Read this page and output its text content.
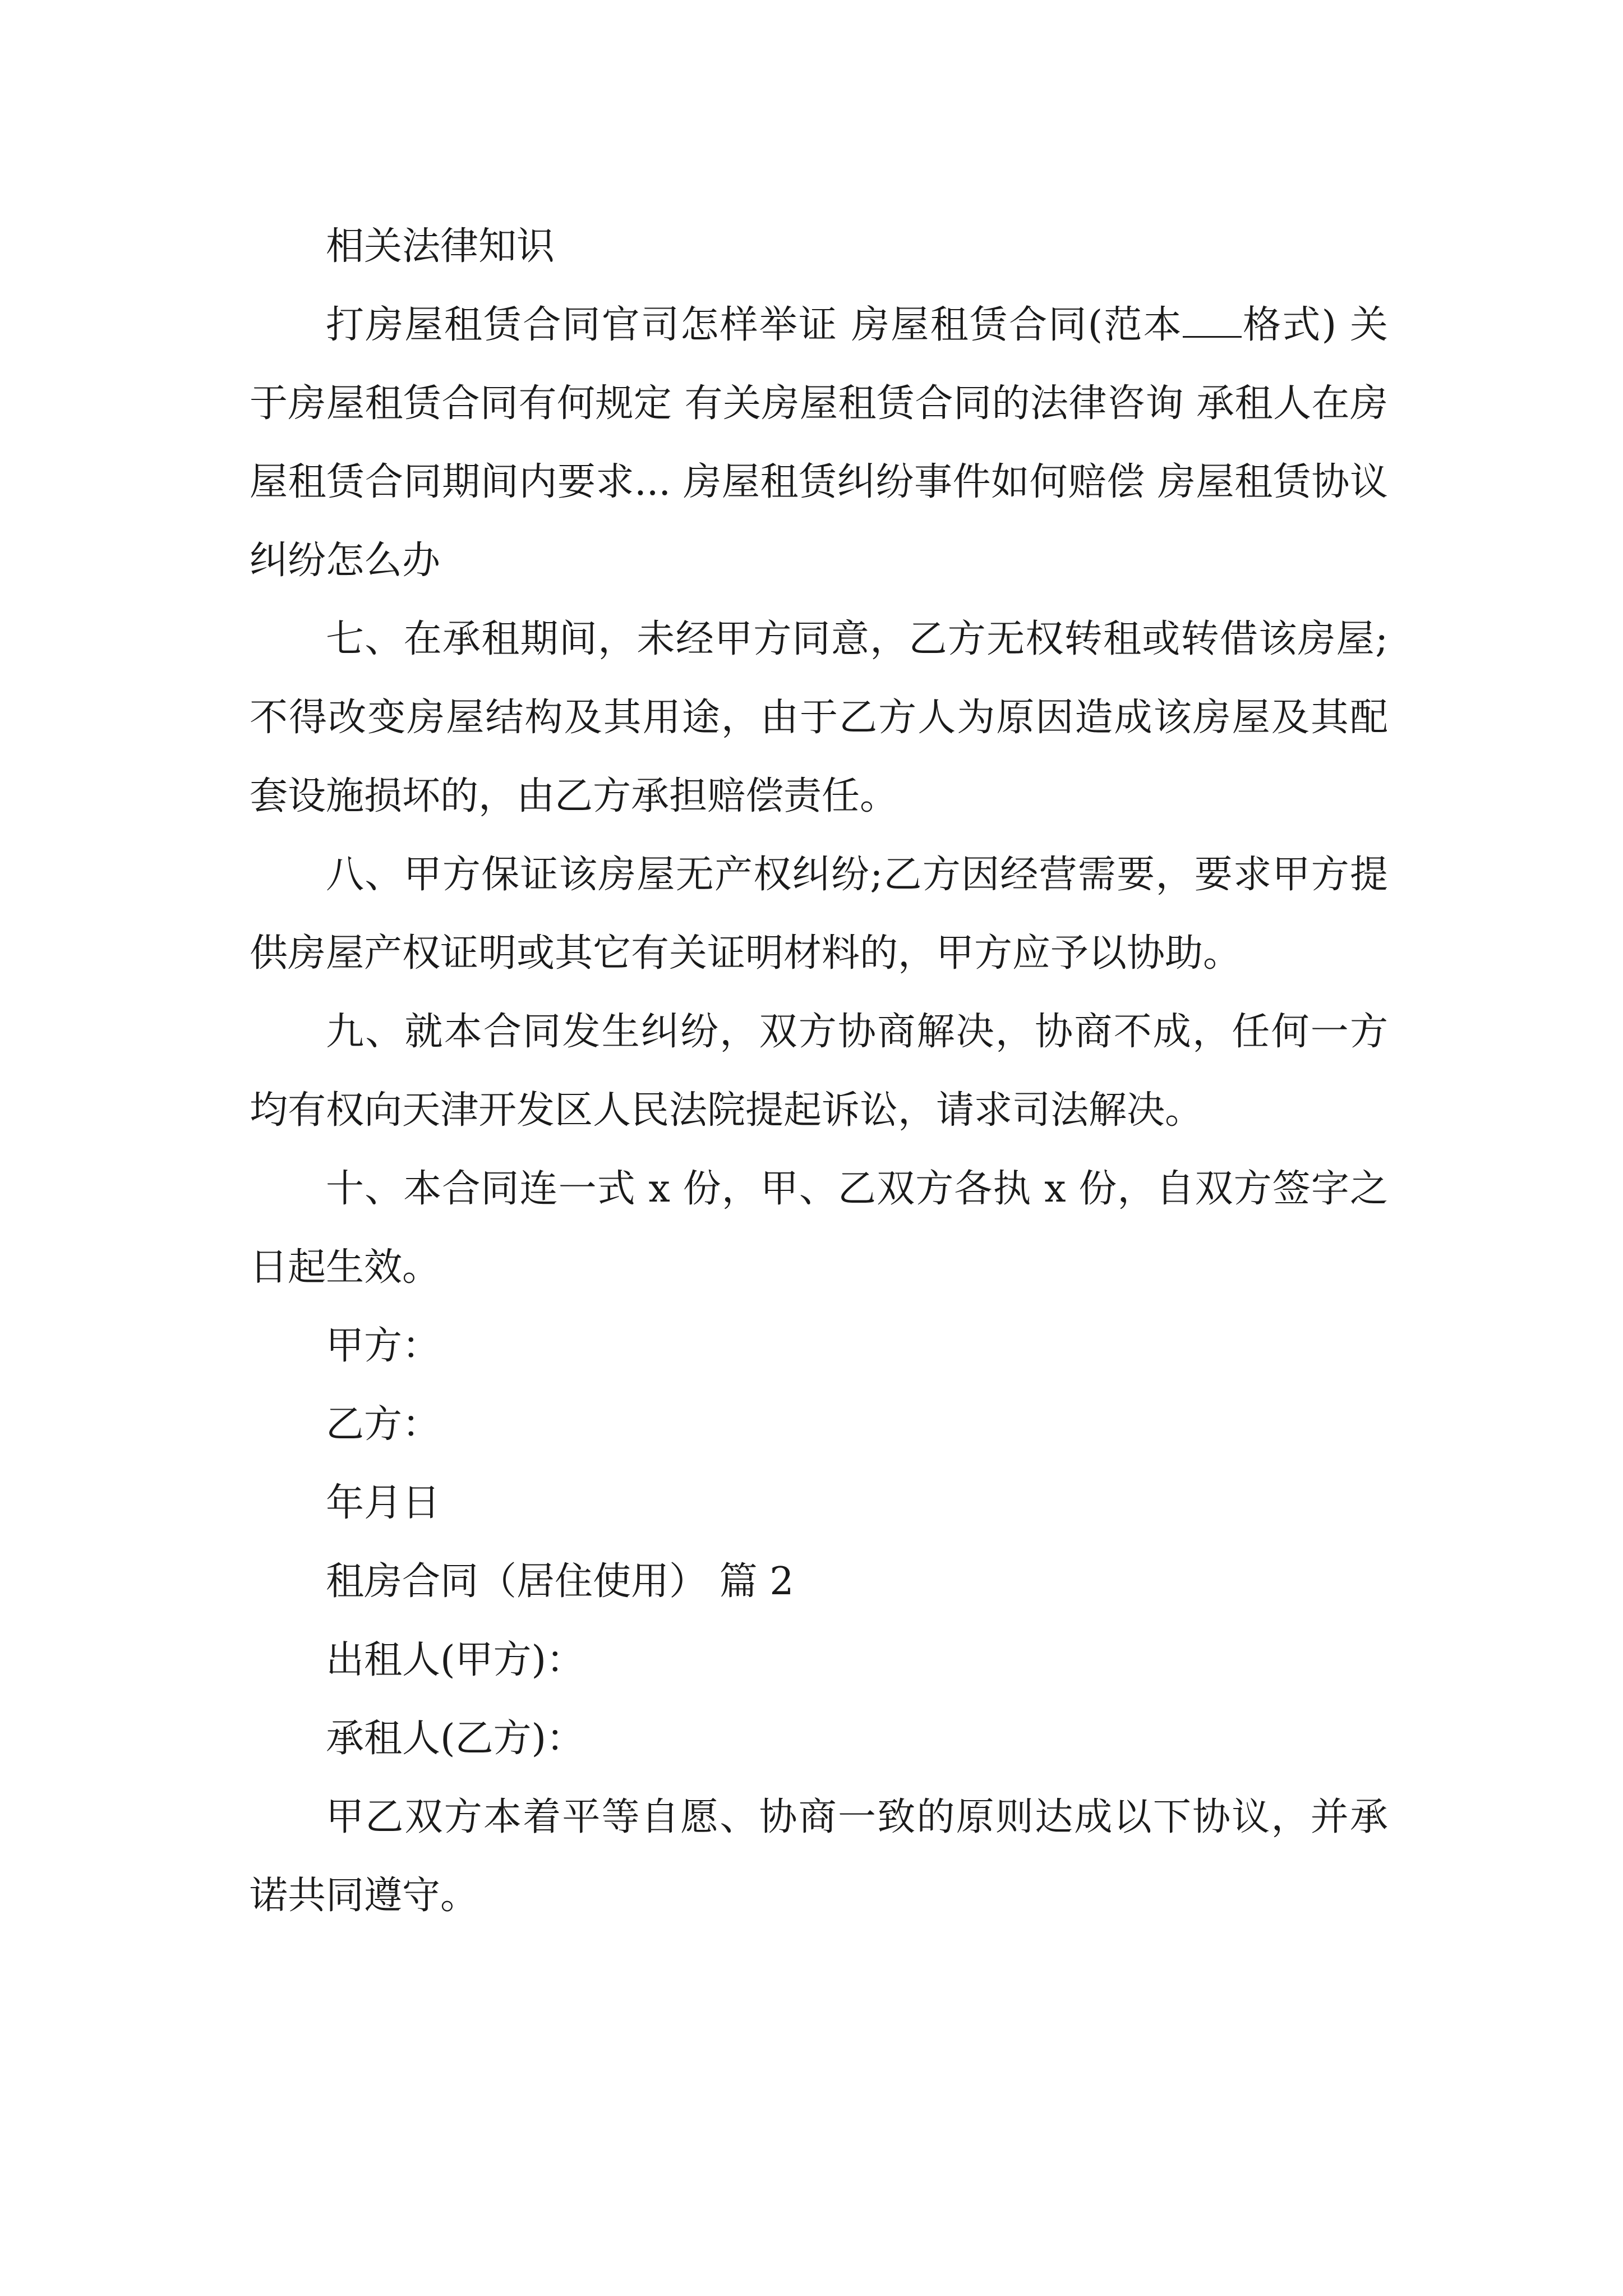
相关法律知识

打房屋租赁合同官司怎样举证 房屋租赁合同(范本 格式) 关于房屋租赁合同有何规定 有关房屋租赁合同的法律咨询 承租人在房屋租赁合同期间内要求... 房屋租赁纠纷事件如何赔偿 房屋租赁协议纠纷怎么办

七、在承租期间，未经甲方同意，乙方无权转租或转借该房屋;不得改变房屋结构及其用途，由于乙方人为原因造成该房屋及其配套设施损坏的，由乙方承担赔偿责任。

八、甲方保证该房屋无产权纠纷;乙方因经营需要，要求甲方提供房屋产权证明或其它有关证明材料的，甲方应予以协助。

九、就本合同发生纠纷，双方协商解决，协商不成，任何一方均有权向天津开发区人民法院提起诉讼，请求司法解决。

十、本合同连一式 x 份，甲、乙双方各执 x 份，自双方签字之日起生效。

甲方：

乙方：

年月日

租房合同（居住使用） 篇 2

出租人(甲方)：

承租人(乙方)：

甲乙双方本着平等自愿、协商一致的原则达成以下协议，并承诺共同遵守。
